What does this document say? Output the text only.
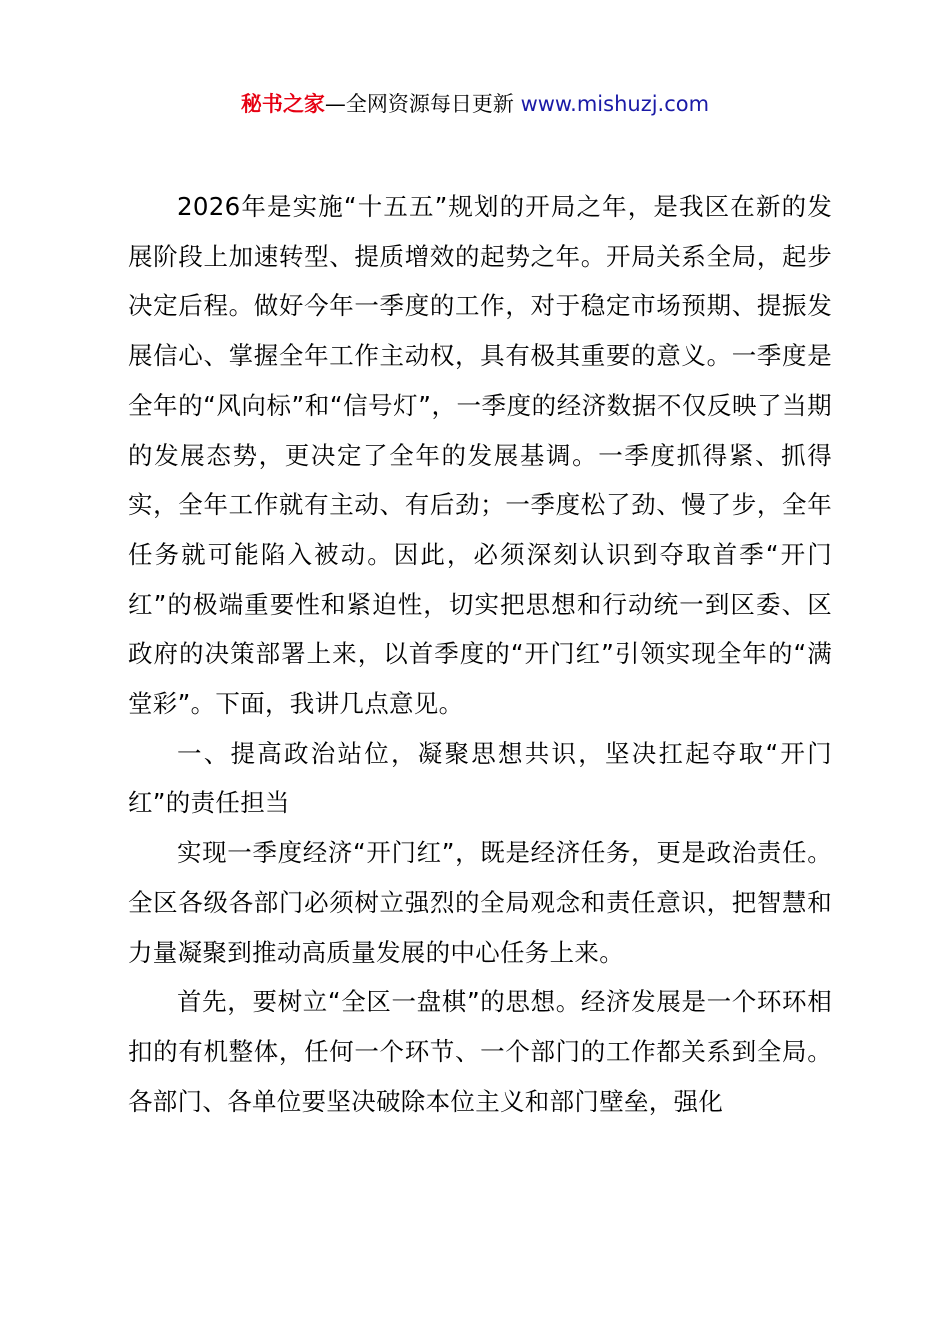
秘书之家—全网资源每日更新 www.mishuzj.com

2026年是实施“十五五”规划的开局之年，是我区在新的发展阶段上加速转型、提质增效的起势之年。开局关系全局，起步决定后程。做好今年一季度的工作，对于稳定市场预期、提振发展信心、掌握全年工作主动权，具有极其重要的意义。一季度是全年的“风向标”和“信号灯”，一季度的经济数据不仅反映了当期的发展态势，更决定了全年的发展基调。一季度抓得紧、抓得实，全年工作就有主动、有后劲；一季度松了劲、慢了步，全年任务就可能陷入被动。因此，必须深刻认识到夺取首季“开门红”的极端重要性和紧迫性，切实把思想和行动统一到区委、区政府的决策部署上来，以首季度的“开门红”引领实现全年的“满堂彩”。下面，我讲几点意见。

一、提高政治站位，凝聚思想共识，坚决扛起夺取“开门红”的责任担当

实现一季度经济“开门红”，既是经济任务，更是政治责任。全区各级各部门必须树立强烈的全局观念和责任意识，把智慧和力量凝聚到推动高质量发展的中心任务上来。

首先，要树立“全区一盘棋”的思想。经济发展是一个环环相扣的有机整体，任何一个环节、一个部门的工作都关系到全局。各部门、各单位要坚决破除本位主义和部门壁垒，强化
